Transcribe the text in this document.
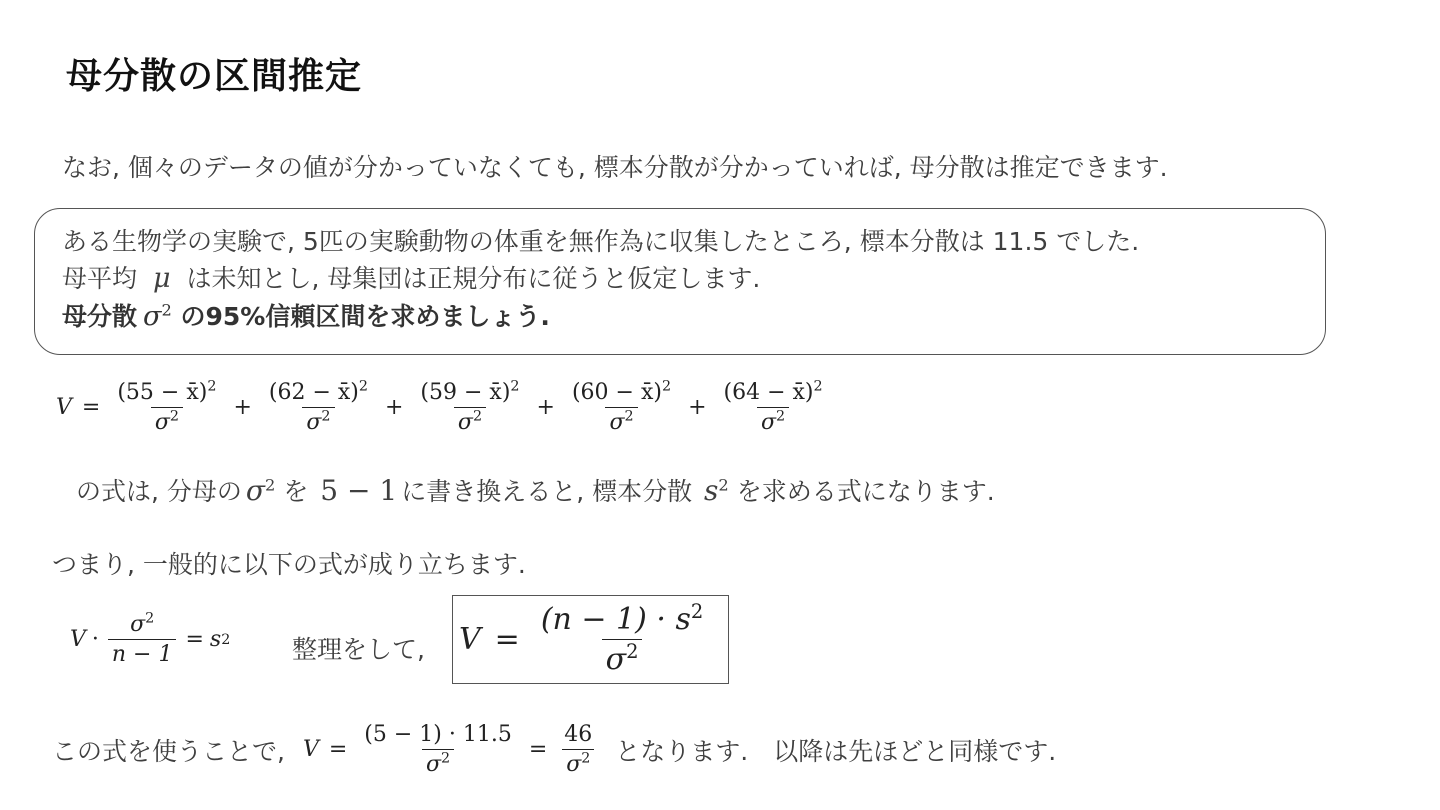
母分散の区間推定
なお, 個々のデータの値が分かっていなくても, 標本分散が分かっていれば, 母分散は推定できます.
ある生物学の実験で, 5匹の実験動物の体重を無作為に収集したところ, 標本分散は 11.5 でした.
母平均 μ は未知とし, 母集団は正規分布に従うと仮定します.
母分散 $\sigma^2$ の95%信頼区間を求めましょう.
$V = \frac{(55 - x̄)^2}{\sigma^2} + \frac{(62 - x̄)^2}{\sigma^2} + \frac{(59 - x̄)^2}{\sigma^2} + \frac{(60 - x̄)^2}{\sigma^2} + \frac{(64 - x̄)^2}{\sigma^2}$
の式は, 分母の $\sigma^2$ を 5 − 1 に書き換えると, 標本分散 $s^2$ を求める式になります.
つまり, 一般的に以下の式が成り立ちます.
$V \cdot \frac{\sigma^2}{n - 1} = s$ 2 整理をして, $V = \frac{(n - 1) \cdot s^2}{\sigma^2}$
この式を使うことで, $V = \frac{(5 - 1) \cdot 11.5}{\sigma^2} = \frac{46}{\sigma^2}$ となります.　以降は先ほどと同様です.
